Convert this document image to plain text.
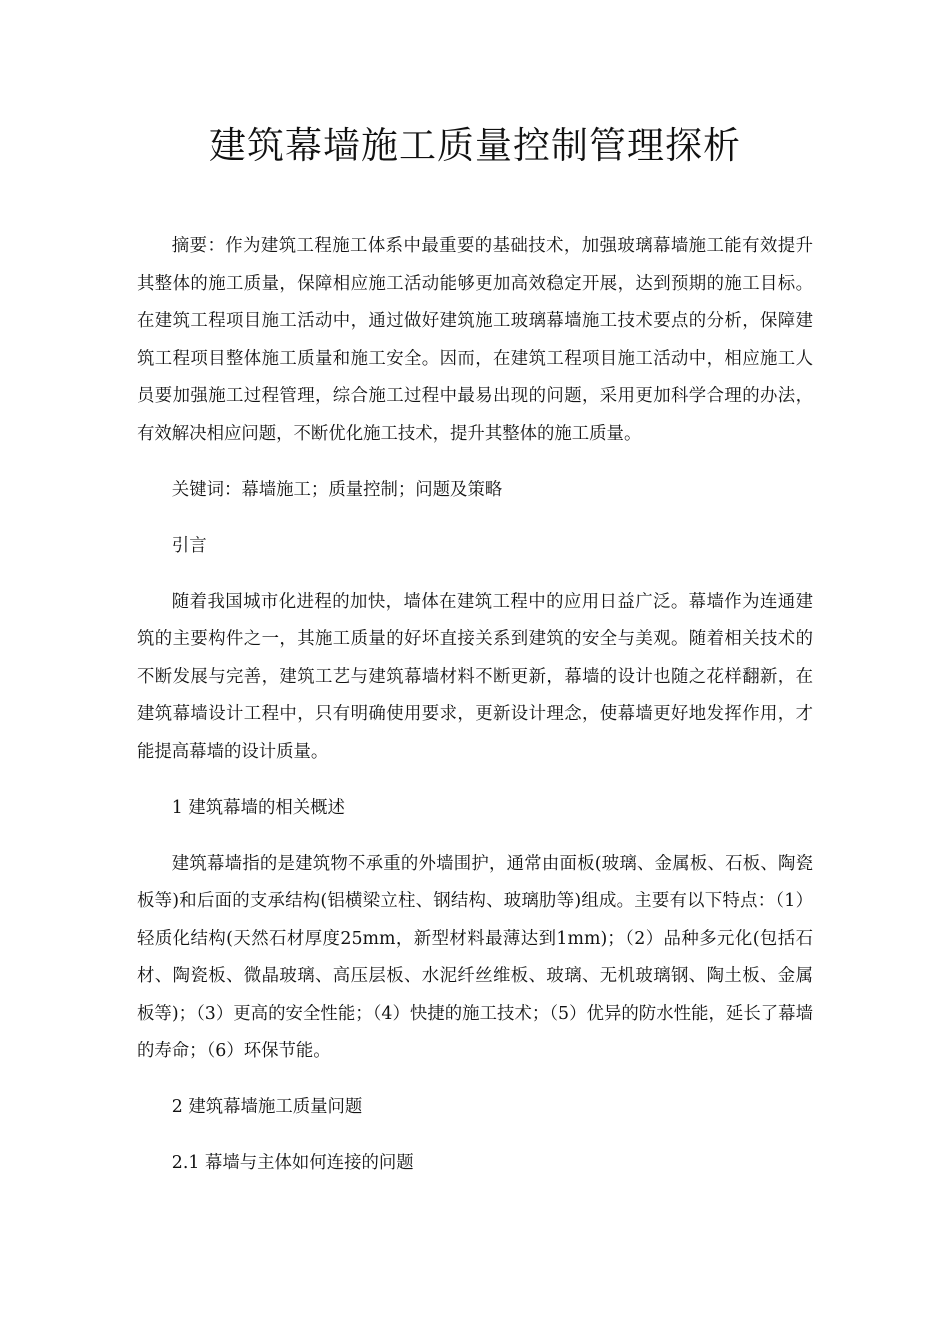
建筑幕墙施工质量控制管理探析

摘要：作为建筑工程施工体系中最重要的基础技术，加强玻璃幕墙施工能有效提升其整体的施工质量，保障相应施工活动能够更加高效稳定开展，达到预期的施工目标。在建筑工程项目施工活动中，通过做好建筑施工玻璃幕墙施工技术要点的分析，保障建筑工程项目整体施工质量和施工安全。因而，在建筑工程项目施工活动中，相应施工人员要加强施工过程管理，综合施工过程中最易出现的问题，采用更加科学合理的办法，有效解决相应问题，不断优化施工技术，提升其整体的施工质量。

关键词：幕墙施工；质量控制；问题及策略

引言

随着我国城市化进程的加快，墙体在建筑工程中的应用日益广泛。幕墙作为连通建筑的主要构件之一，其施工质量的好坏直接关系到建筑的安全与美观。随着相关技术的不断发展与完善，建筑工艺与建筑幕墙材料不断更新，幕墙的设计也随之花样翻新，在建筑幕墙设计工程中，只有明确使用要求，更新设计理念，使幕墙更好地发挥作用，才能提高幕墙的设计质量。

1 建筑幕墙的相关概述

建筑幕墙指的是建筑物不承重的外墙围护，通常由面板(玻璃、金属板、石板、陶瓷板等)和后面的支承结构(铝横梁立柱、钢结构、玻璃肋等)组成。主要有以下特点：（1）轻质化结构(天然石材厚度25mm，新型材料最薄达到1mm)；（2）品种多元化(包括石材、陶瓷板、微晶玻璃、高压层板、水泥纤丝维板、玻璃、无机玻璃钢、陶土板、金属板等)；（3）更高的安全性能；（4）快捷的施工技术；（5）优异的防水性能，延长了幕墙的寿命；（6）环保节能。

2 建筑幕墙施工质量问题

2.1 幕墙与主体如何连接的问题
